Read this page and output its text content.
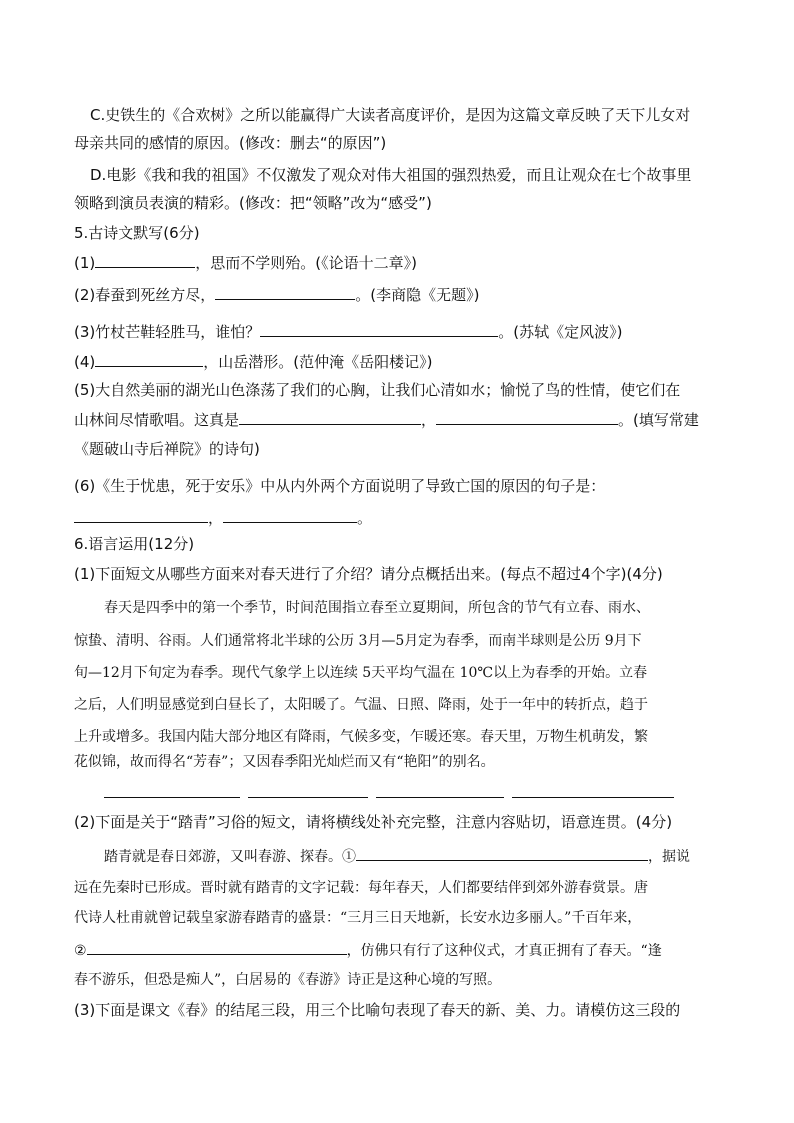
C.史铁生的《合欢树》之所以能赢得广大读者高度评价，是因为这篇文章反映了天下儿女对
母亲共同的感情的原因。(修改：删去“的原因”)
D.电影《我和我的祖国》不仅激发了观众对伟大祖国的强烈热爱，而且让观众在七个故事里
领略到演员表演的精彩。(修改：把“领略”改为“感受”)
5.古诗文默写(6分)
(1)	，思而不学则殆。(《论语十二章》)
(2)春蚕到死丝方尽，	。(李商隐《无题》)
(3)竹杖芒鞋轻胜马，谁怕？	。(苏轼《定风波》)
(4)	，山岳潜形。(范仲淹《岳阳楼记》)
(5)大自然美丽的湖光山色涤荡了我们的心胸，让我们心清如水；愉悦了鸟的性情，使它们在
山林间尽情歌唱。这真是	，	。(填写常建
《题破山寺后禅院》的诗句)
(6)《生于忧患，死于安乐》中从内外两个方面说明了导致亡国的原因的句子是：
，	。
6.语言运用(12分)
(1)下面短文从哪些方面来对春天进行了介绍？请分点概括出来。(每点不超过4个字)(4分)
春天是四季中的第一个季节，时间范围指立春至立夏期间，所包含的节气有立春、雨水、
惊蛰、清明、谷雨。人们通常将北半球的公历 3月—5月定为春季，而南半球则是公历 9月下
旬—12月下旬定为春季。现代气象学上以连续 5天平均气温在 10℃以上为春季的开始。立春
之后，人们明显感觉到白昼长了，太阳暖了。气温、日照、降雨，处于一年中的转折点，趋于
上升或增多。我国内陆大部分地区有降雨，气候多变，乍暖还寒。春天里，万物生机萌发，繁
花似锦，故而得名“芳春”；又因春季阳光灿烂而又有“艳阳”的别名。
(2)下面是关于“踏青”习俗的短文，请将横线处补充完整，注意内容贴切，语意连贯。(4分)
踏青就是春日郊游，又叫春游、探春。①	，据说
远在先秦时已形成。晋时就有踏青的文字记载：每年春天，人们都要结伴到郊外游春赏景。唐
代诗人杜甫就曾记载皇家游春踏青的盛景：“三月三日天地新，长安水边多丽人。”千百年来，
②	，仿佛只有行了这种仪式，才真正拥有了春天。“逢
春不游乐，但恐是痴人”，白居易的《春游》诗正是这种心境的写照。
(3)下面是课文《春》的结尾三段，用三个比喻句表现了春天的新、美、力。请模仿这三段的
